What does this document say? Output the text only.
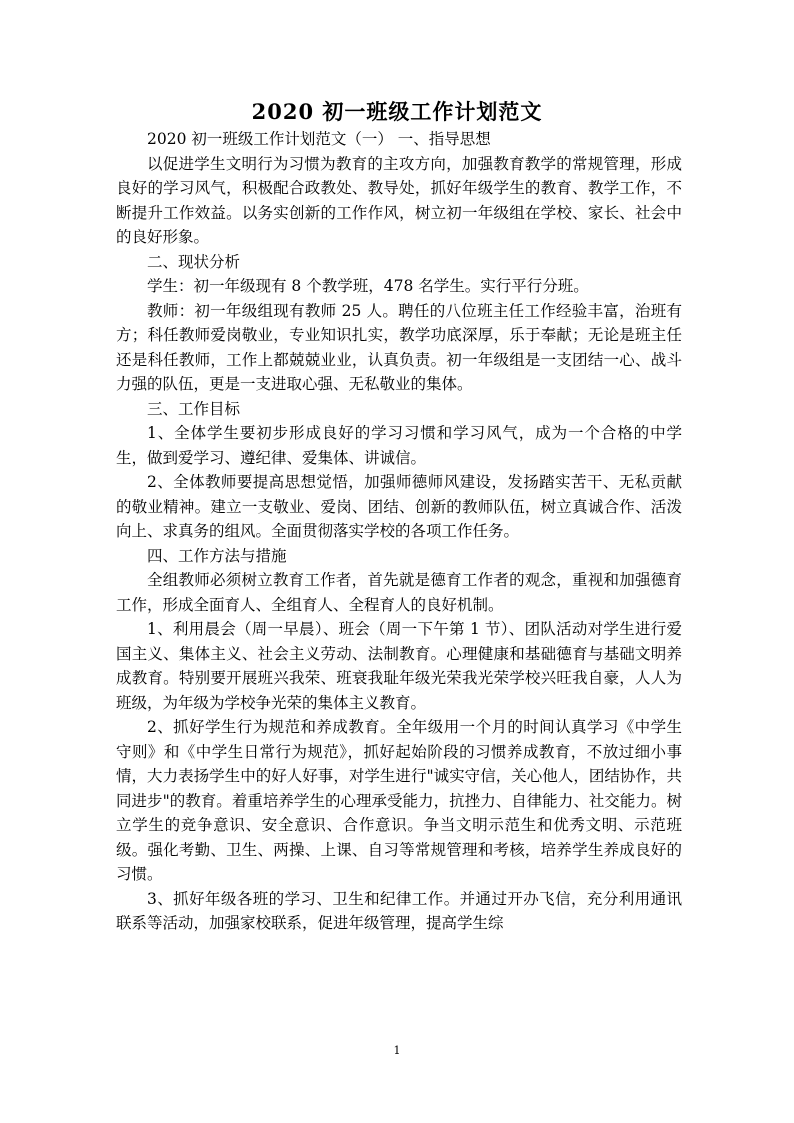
2020 初一班级工作计划范文

2020 初一班级工作计划范文（一） 一、指导思想

以促进学生文明行为习惯为教育的主攻方向，加强教育教学的常规管理，形成良好的学习风气，积极配合政教处、教导处，抓好年级学生的教育、教学工作，不断提升工作效益。以务实创新的工作作风，树立初一年级组在学校、家长、社会中的良好形象。

二、现状分析

学生：初一年级现有 8 个教学班，478 名学生。实行平行分班。

教师：初一年级组现有教师 25 人。聘任的八位班主任工作经验丰富，治班有方；科任教师爱岗敬业，专业知识扎实，教学功底深厚，乐于奉献；无论是班主任还是科任教师，工作上都兢兢业业，认真负责。初一年级组是一支团结一心、战斗力强的队伍，更是一支进取心强、无私敬业的集体。

三、工作目标

1、全体学生要初步形成良好的学习习惯和学习风气，成为一个合格的中学生，做到爱学习、遵纪律、爱集体、讲诚信。

2、全体教师要提高思想觉悟，加强师德师风建设，发扬踏实苦干、无私贡献的敬业精神。建立一支敬业、爱岗、团结、创新的教师队伍，树立真诚合作、活泼向上、求真务的组风。全面贯彻落实学校的各项工作任务。

四、工作方法与措施

全组教师必须树立教育工作者，首先就是德育工作者的观念，重视和加强德育工作，形成全面育人、全组育人、全程育人的良好机制。

1、利用晨会（周一早晨）、班会（周一下午第 1 节）、团队活动对学生进行爱国主义、集体主义、社会主义劳动、法制教育。心理健康和基础德育与基础文明养成教育。特别要开展班兴我荣、班衰我耻年级光荣我光荣学校兴旺我自豪，人人为班级，为年级为学校争光荣的集体主义教育。

2、抓好学生行为规范和养成教育。全年级用一个月的时间认真学习《中学生守则》和《中学生日常行为规范》，抓好起始阶段的习惯养成教育，不放过细小事情，大力表扬学生中的好人好事，对学生进行"诚实守信，关心他人，团结协作，共同进步"的教育。着重培养学生的心理承受能力，抗挫力、自律能力、社交能力。树立学生的竞争意识、安全意识、合作意识。争当文明示范生和优秀文明、示范班级。强化考勤、卫生、两操、上课、自习等常规管理和考核，培养学生养成良好的习惯。

3、抓好年级各班的学习、卫生和纪律工作。并通过开办飞信，充分利用通讯联系等活动，加强家校联系，促进年级管理，提高学生综

1
